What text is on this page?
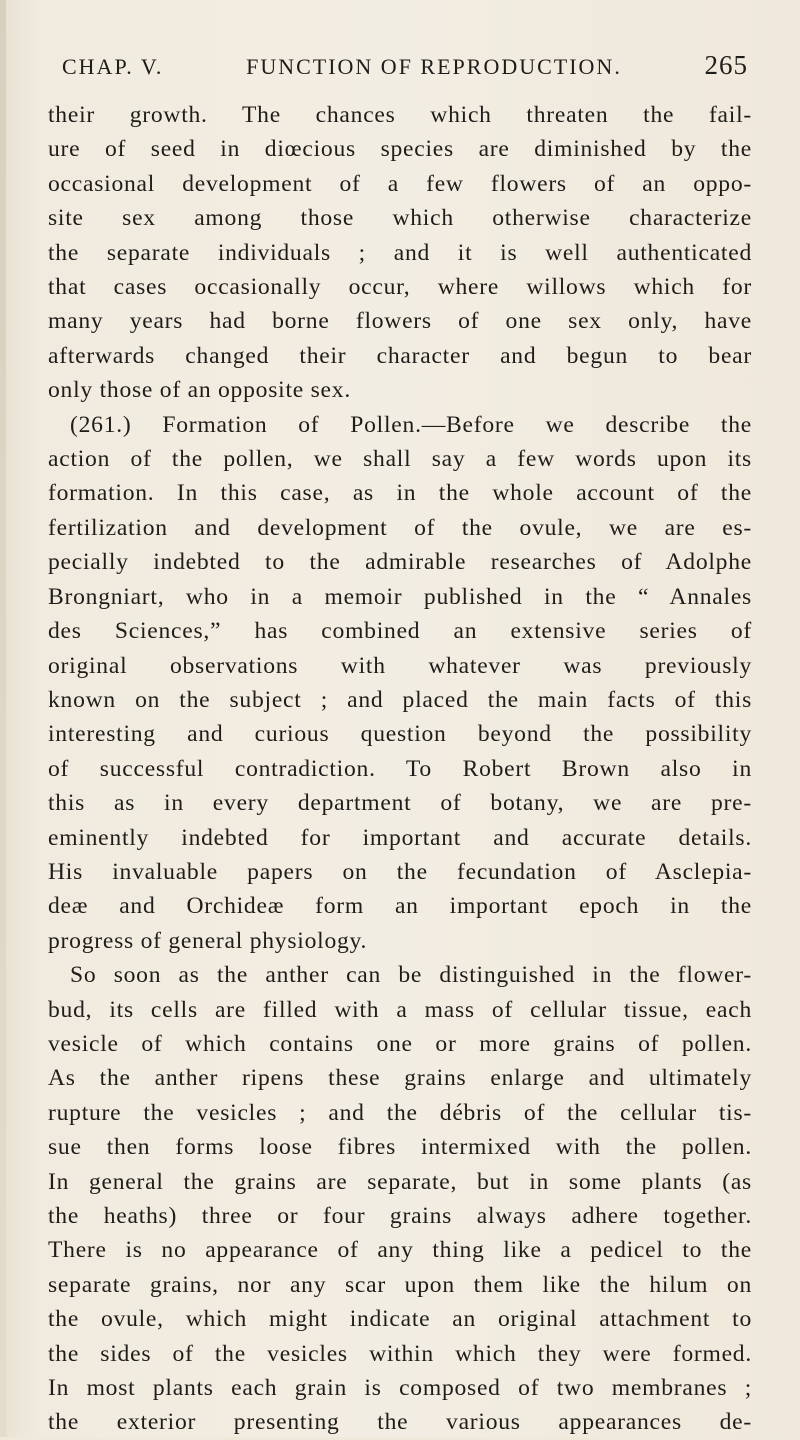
CHAP. V.	FUNCTION OF REPRODUCTION.	265
their growth. The chances which threaten the fail-
ure of seed in diœcious species are diminished by the
occasional development of a few flowers of an oppo-
site sex among those which otherwise characterize
the separate individuals ; and it is well authenticated
that cases occasionally occur, where willows which for
many years had borne flowers of one sex only, have
afterwards changed their character and begun to bear
only those of an opposite sex.
(261.) Formation of Pollen.—Before we describe the
action of the pollen, we shall say a few words upon its
formation. In this case, as in the whole account of the
fertilization and development of the ovule, we are es-
pecially indebted to the admirable researches of Adolphe
Brongniart, who in a memoir published in the “ Annales
des Sciences,” has combined an extensive series of
original observations with whatever was previously
known on the subject ; and placed the main facts of this
interesting and curious question beyond the possibility
of successful contradiction. To Robert Brown also in
this as in every department of botany, we are pre-
eminently indebted for important and accurate details.
His invaluable papers on the fecundation of Asclepia-
deæ and Orchideæ form an important epoch in the
progress of general physiology.
So soon as the anther can be distinguished in the flower-
bud, its cells are filled with a mass of cellular tissue, each
vesicle of which contains one or more grains of pollen.
As the anther ripens these grains enlarge and ultimately
rupture the vesicles ; and the débris of the cellular tis-
sue then forms loose fibres intermixed with the pollen.
In general the grains are separate, but in some plants (as
the heaths) three or four grains always adhere together.
There is no appearance of any thing like a pedicel to the
separate grains, nor any scar upon them like the hilum on
the ovule, which might indicate an original attachment to
the sides of the vesicles within which they were formed.
In most plants each grain is composed of two membranes ;
the exterior presenting the various appearances de-
